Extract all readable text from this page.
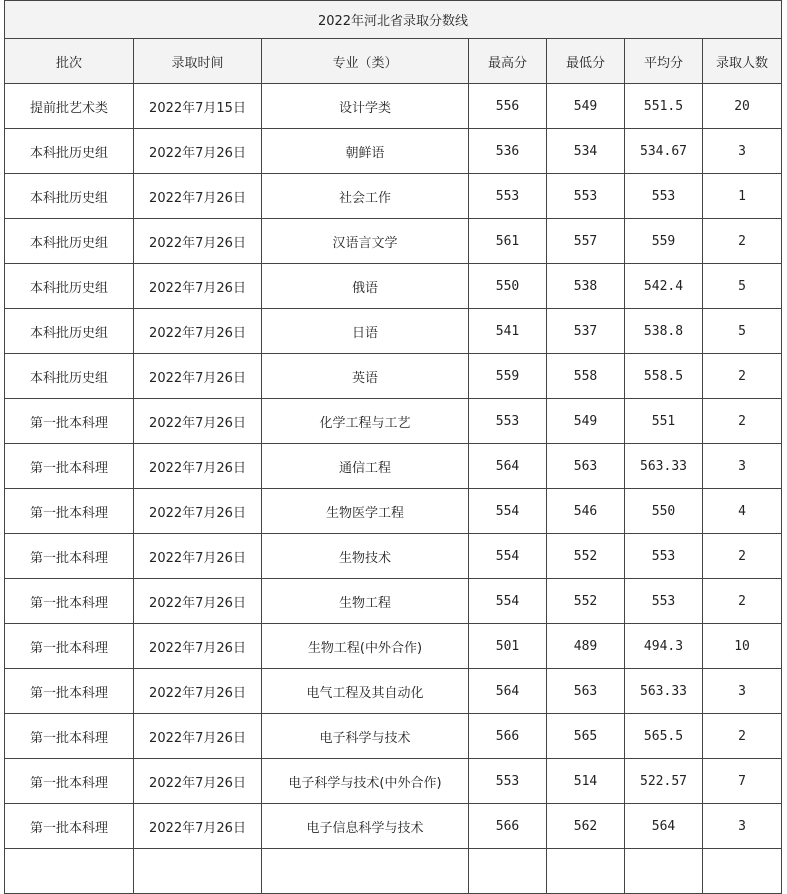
2022年河北省录取分数线						
批次	录取时间	专业（类）	最高分	最低分	平均分	录取人数
提前批艺术类	2022年7月15日	设计学类	556	549	551.5	20
本科批历史组	2022年7月26日	朝鲜语	536	534	534.67	3
本科批历史组	2022年7月26日	社会工作	553	553	553	1
本科批历史组	2022年7月26日	汉语言文学	561	557	559	2
本科批历史组	2022年7月26日	俄语	550	538	542.4	5
本科批历史组	2022年7月26日	日语	541	537	538.8	5
本科批历史组	2022年7月26日	英语	559	558	558.5	2
第一批本科理	2022年7月26日	化学工程与工艺	553	549	551	2
第一批本科理	2022年7月26日	通信工程	564	563	563.33	3
第一批本科理	2022年7月26日	生物医学工程	554	546	550	4
第一批本科理	2022年7月26日	生物技术	554	552	553	2
第一批本科理	2022年7月26日	生物工程	554	552	553	2
第一批本科理	2022年7月26日	生物工程(中外合作)	501	489	494.3	10
第一批本科理	2022年7月26日	电气工程及其自动化	564	563	563.33	3
第一批本科理	2022年7月26日	电子科学与技术	566	565	565.5	2
第一批本科理	2022年7月26日	电子科学与技术(中外合作)	553	514	522.57	7
第一批本科理	2022年7月26日	电子信息科学与技术	566	562	564	3
